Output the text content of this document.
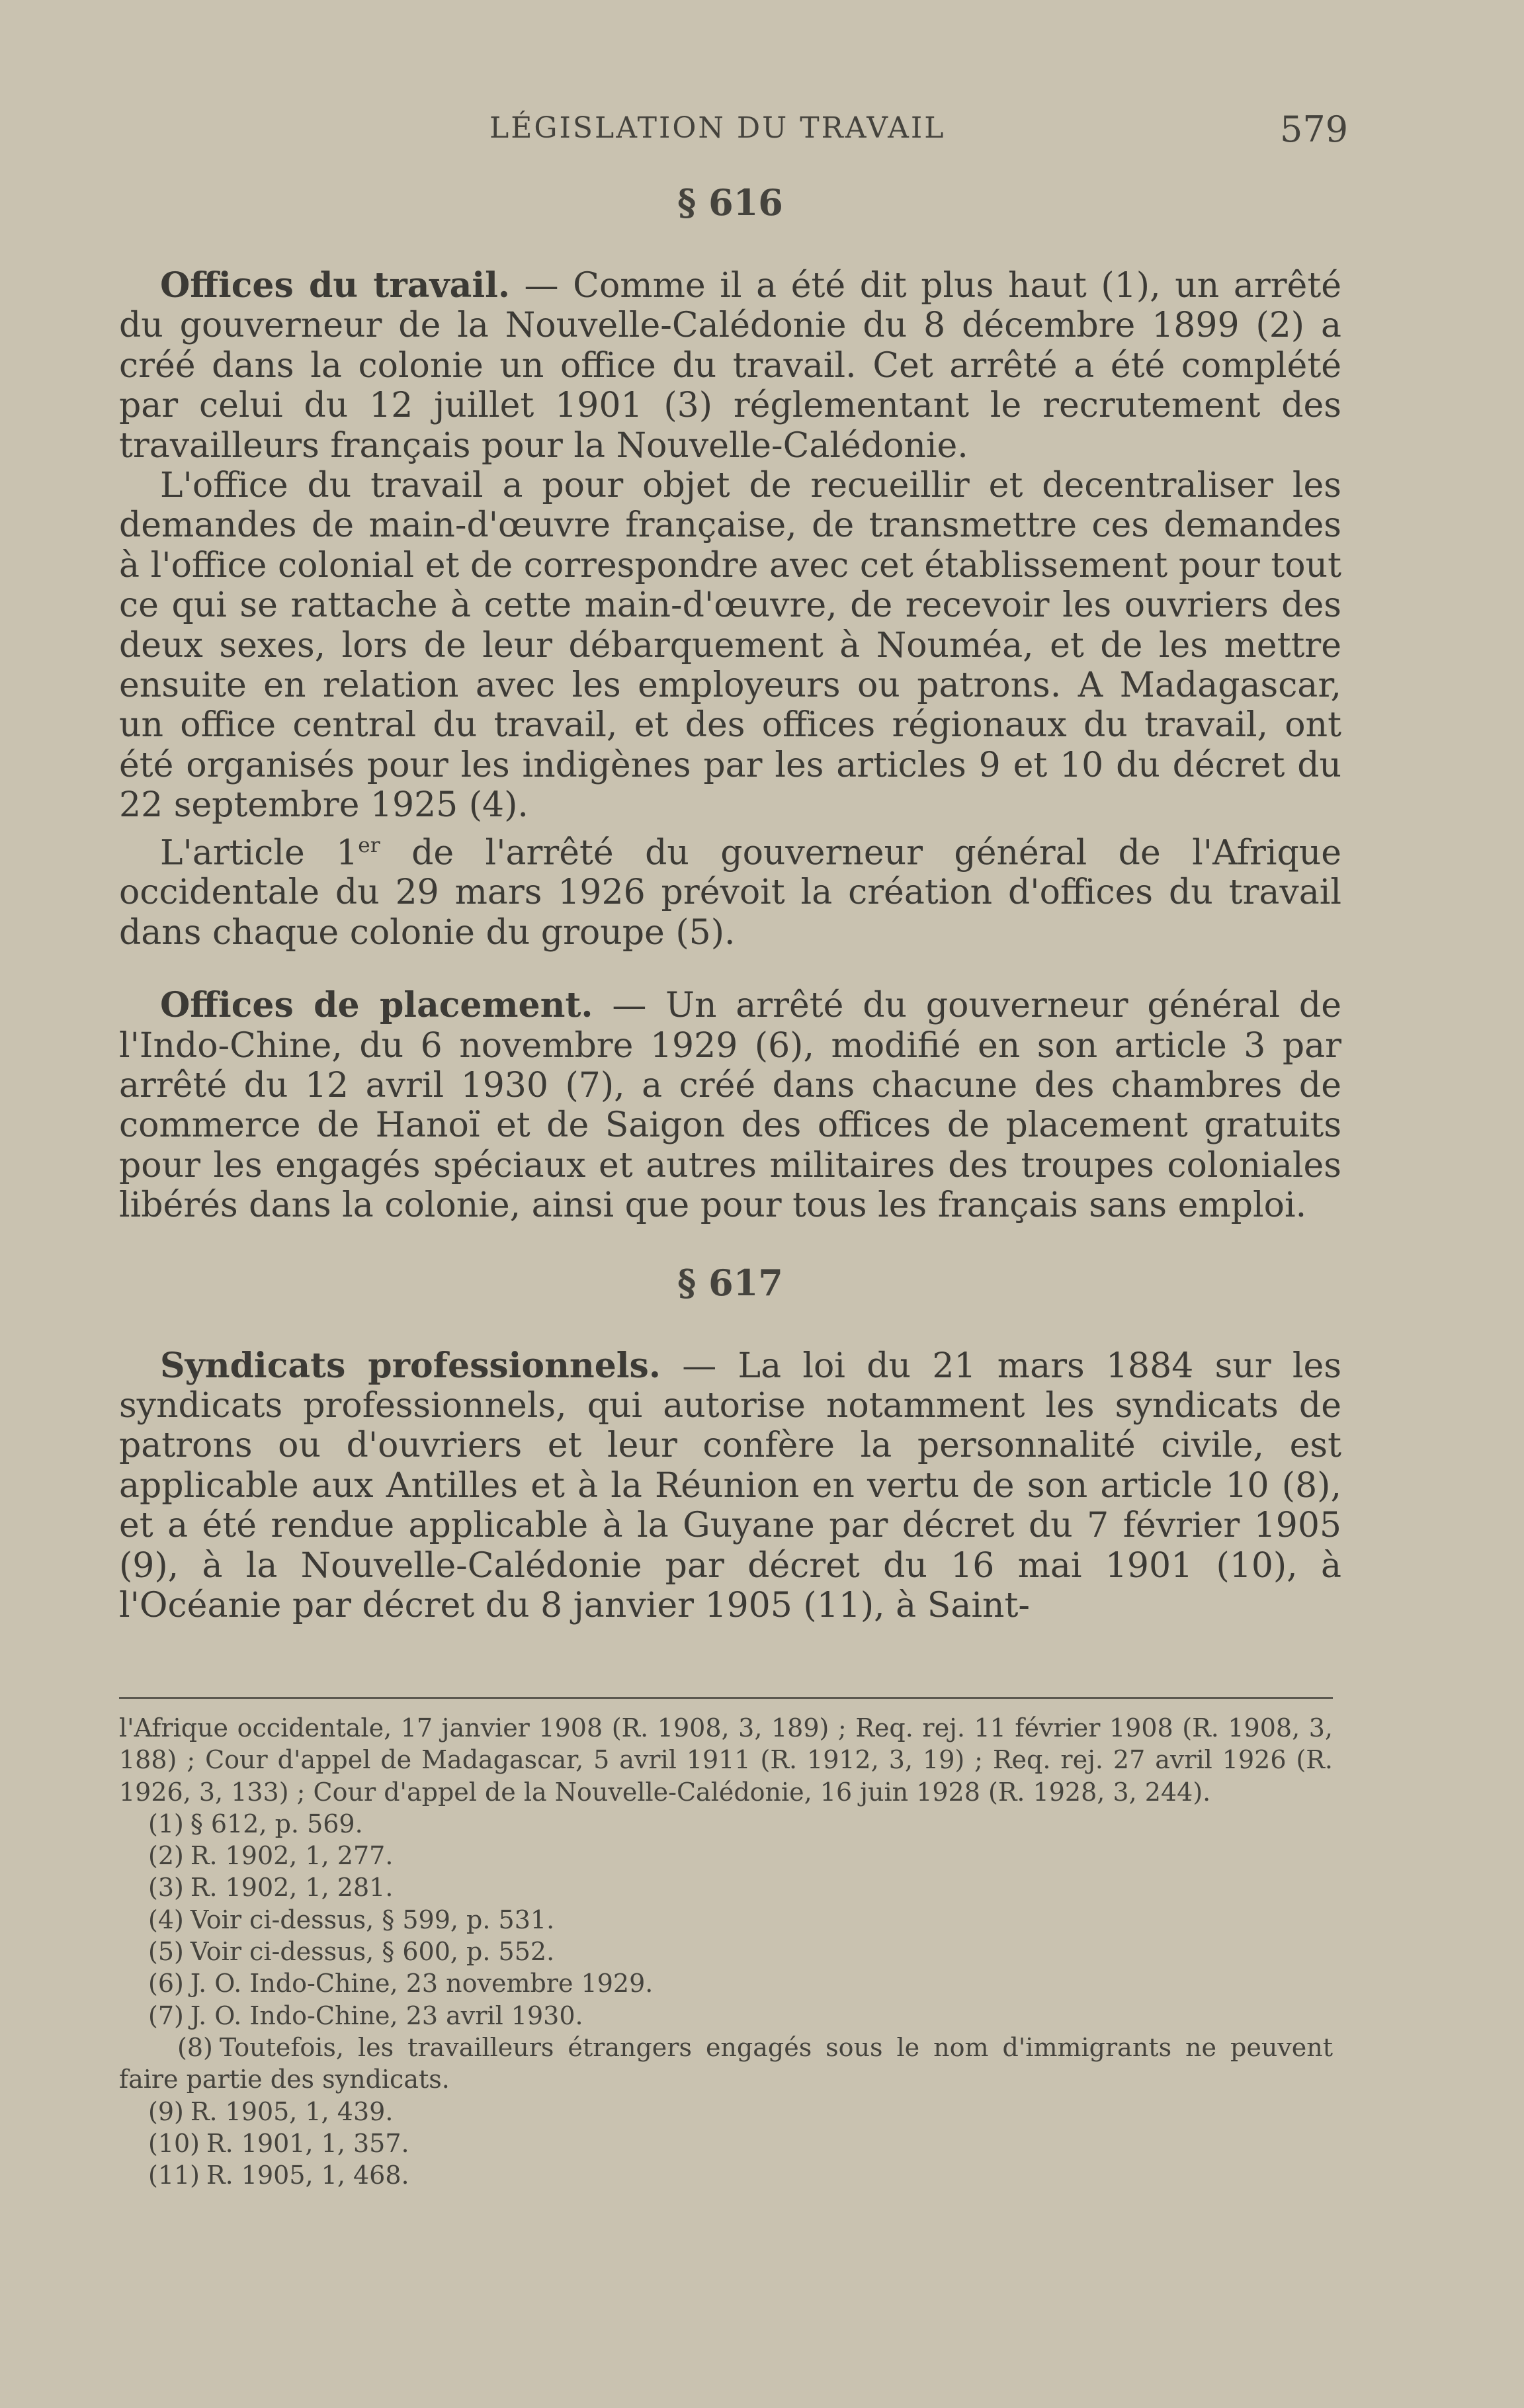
LÉGISLATION DU TRAVAIL	579
§ 616

Offices du travail. — Comme il a été dit plus haut (1), un arrêté du gouverneur de la Nouvelle-Calédonie du 8 décembre 1899 (2) a créé dans la colonie un office du travail. Cet arrêté a été complété par celui du 12 juillet 1901 (3) réglementant le recrutement des travailleurs français pour la Nouvelle-Calédonie.

L'office du travail a pour objet de recueillir et decentraliser les demandes de main-d'œuvre française, de transmettre ces demandes à l'office colonial et de correspondre avec cet établissement pour tout ce qui se rattache à cette main-d'œuvre, de recevoir les ouvriers des deux sexes, lors de leur débarquement à Nouméa, et de les mettre ensuite en relation avec les employeurs ou patrons. A Madagascar, un office central du travail, et des offices régionaux du travail, ont été organisés pour les indigènes par les articles 9 et 10 du décret du 22 septembre 1925 (4).

L'article 1er de l'arrêté du gouverneur général de l'Afrique occidentale du 29 mars 1926 prévoit la création d'offices du travail dans chaque colonie du groupe (5).

Offices de placement. — Un arrêté du gouverneur général de l'Indo-Chine, du 6 novembre 1929 (6), modifié en son article 3 par arrêté du 12 avril 1930 (7), a créé dans chacune des chambres de commerce de Hanoï et de Saigon des offices de placement gratuits pour les engagés spéciaux et autres militaires des troupes coloniales libérés dans la colonie, ainsi que pour tous les français sans emploi.

§ 617

Syndicats professionnels. — La loi du 21 mars 1884 sur les syndicats professionnels, qui autorise notamment les syndicats de patrons ou d'ouvriers et leur confère la personnalité civile, est applicable aux Antilles et à la Réunion en vertu de son article 10 (8), et a été rendue applicable à la Guyane par décret du 7 février 1905 (9), à la Nouvelle-Calédonie par décret du 16 mai 1901 (10), à l'Océanie par décret du 8 janvier 1905 (11), à Saint-

l'Afrique occidentale, 17 janvier 1908 (R. 1908, 3, 189) ; Req. rej. 11 février 1908 (R. 1908, 3, 188) ; Cour d'appel de Madagascar, 5 avril 1911 (R. 1912, 3, 19) ; Req. rej. 27 avril 1926 (R. 1926, 3, 133) ; Cour d'appel de la Nouvelle-Calédonie, 16 juin 1928 (R. 1928, 3, 244).
(1) § 612, p. 569.
(2) R. 1902, 1, 277.
(3) R. 1902, 1, 281.
(4) Voir ci-dessus, § 599, p. 531.
(5) Voir ci-dessus, § 600, p. 552.
(6) J. O. Indo-Chine, 23 novembre 1929.
(7) J. O. Indo-Chine, 23 avril 1930.
(8) Toutefois, les travailleurs étrangers engagés sous le nom d'immigrants ne peuvent faire partie des syndicats.
(9) R. 1905, 1, 439.
(10) R. 1901, 1, 357.
(11) R. 1905, 1, 468.
